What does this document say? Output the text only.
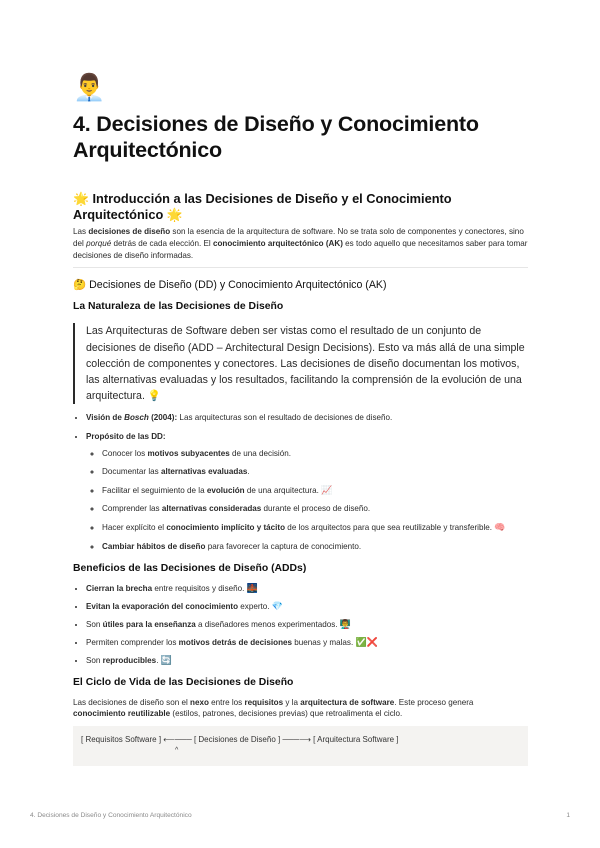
👨‍💼
4. Decisiones de Diseño y Conocimiento Arquitectónico
🌟 Introducción a las Decisiones de Diseño y el Conocimiento Arquitectónico 🌟
Las decisiones de diseño son la esencia de la arquitectura de software. No se trata solo de componentes y conectores, sino del porqué detrás de cada elección. El conocimiento arquitectónico (AK) es todo aquello que necesitamos saber para tomar decisiones de diseño informadas.
🤔 Decisiones de Diseño (DD) y Conocimiento Arquitectónico (AK)
La Naturaleza de las Decisiones de Diseño
Las Arquitecturas de Software deben ser vistas como el resultado de un conjunto de decisiones de diseño (ADD – Architectural Design Decisions). Esto va más allá de una simple colección de componentes y conectores. Las decisiones de diseño documentan los motivos, las alternativas evaluadas y los resultados, facilitando la comprensión de la evolución de una arquitectura. 💡
• Visión de Bosch (2004): Las arquitecturas son el resultado de decisiones de diseño.
• Propósito de las DD:
◦ Conocer los motivos subyacentes de una decisión.
◦ Documentar las alternativas evaluadas.
◦ Facilitar el seguimiento de la evolución de una arquitectura. 📈
◦ Comprender las alternativas consideradas durante el proceso de diseño.
◦ Hacer explícito el conocimiento implícito y tácito de los arquitectos para que sea reutilizable y transferible. 🧠
◦ Cambiar hábitos de diseño para favorecer la captura de conocimiento.
Beneficios de las Decisiones de Diseño (ADDs)
• Cierran la brecha entre requisitos y diseño. 🌉
• Evitan la evaporación del conocimiento experto. 💎
• Son útiles para la enseñanza a diseñadores menos experimentados. 👨‍🏫
• Permiten comprender los motivos detrás de decisiones buenas y malas. ✅❌
• Son reproducibles. 🔄
El Ciclo de Vida de las Decisiones de Diseño
Las decisiones de diseño son el nexo entre los requisitos y la arquitectura de software. Este proceso genera conocimiento reutilizable (estilos, patrones, decisiones previas) que retroalimenta el ciclo.
[ Requisitos Software ] ⟵─── [ Decisiones de Diseño ] ───⟶ [ Arquitectura Software ]
^
4. Decisiones de Diseño y Conocimiento Arquitectónico	1
